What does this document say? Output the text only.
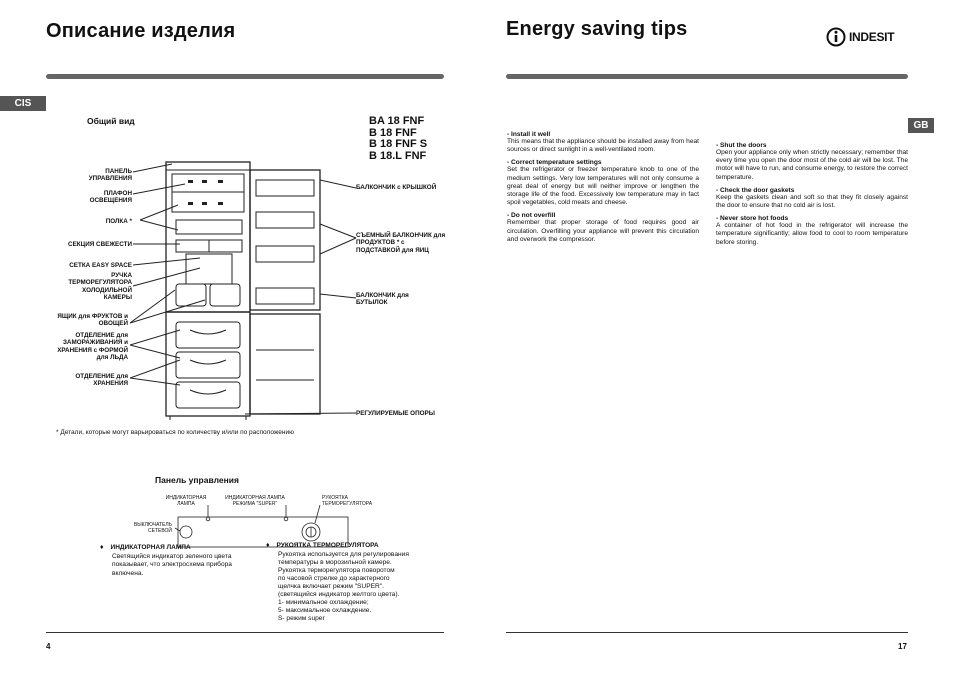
Описание изделия
CIS
Общий вид	BA 18 FNF
B 18 FNF
B 18 FNF S
B 18.L FNF
ПАНЕЛЬ УПРАВЛЕНИЯ
ПЛАФОН ОСВЕЩЕНИЯ
ПОЛКА *
СЕКЦИЯ СВЕЖЕСТИ
СЕТКА EASY SPACE
РУЧКА ТЕРМОРЕГУЛЯТОРА ХОЛОДИЛЬНОЙ КАМЕРЫ
ЯЩИК для ФРУКТОВ и ОВОЩЕЙ
ОТДЕЛЕНИЕ для ЗАМОРАЖИВАНИЯ и ХРАНЕНИЯ с ФОРМОЙ для ЛЬДА
ОТДЕЛЕНИЕ для ХРАНЕНИЯ
БАЛКОНЧИК с КРЫШКОЙ
СЪЕМНЫЙ БАЛКОНЧИК для ПРОДУКТОВ * с ПОДСТАВКОЙ для ЯИЦ
БАЛКОНЧИК для БУТЫЛОК
РЕГУЛИРУЕМЫЕ ОПОРЫ
* Детали, которые могут варьироваться по количеству и/или по расположению
Панель управления
ИНДИКАТОРНАЯ ЛАМПА
ИНДИКАТОРНАЯ ЛАМПА РЕЖИМА "SUPER"
РУКОЯТКА ТЕРМОРЕГУЛЯТОРА
ВЫКЛЮЧАТЕЛЬ СЕТЕВОЙ
♦ ИНДИКАТОРНАЯ ЛАМПА
Светящийся индикатор зеленого цвета показывает, что электросхема прибора включена.
♦ РУКОЯТКА ТЕРМОРЕГУЛЯТОРА
Рукоятка используется для регулирования
температуры в морозильной камере.
Рукоятка терморегулятора поворотом
по часовой стрелке до характерного
щелчка включает режим "SUPER".
(светящийся индикатор желтого цвета).
1- минимальное охлаждение;
5- максимальное охлаждение.
S- режим super
4
Energy saving tips	INDESIT
GB
- Install it well
This means that the appliance should be installed away from heat sources or direct sunlight in a well-ventilated room.
- Correct temperature settings
Set the refrigerator or freezer temperature knob to one of the medium settings. Very low temperatures will not only consume a great deal of energy but will neither improve or lengthen the storage life of the food. Excessively low temperature may in fact spoil vegetables, cold meats and cheese.
- Do not overfill
Remember that proper storage of food requires good air circulation. Overfilling your appliance will prevent this circulation and overwork the compressor.
- Shut the doors
Open your appliance only when strictly necessary; remember that every time you open the door most of the cold air will be lost. The motor will have to run, and consume energy, to restore the correct temperature.
- Check the door gaskets
Keep the gaskets clean and soft so that they fit closely against the door to ensure that no cold air is lost.
- Never store hot foods
A container of hot food in the refrigerator will increase the temperature significantly; allow food to cool to room temperature before storing.
17
